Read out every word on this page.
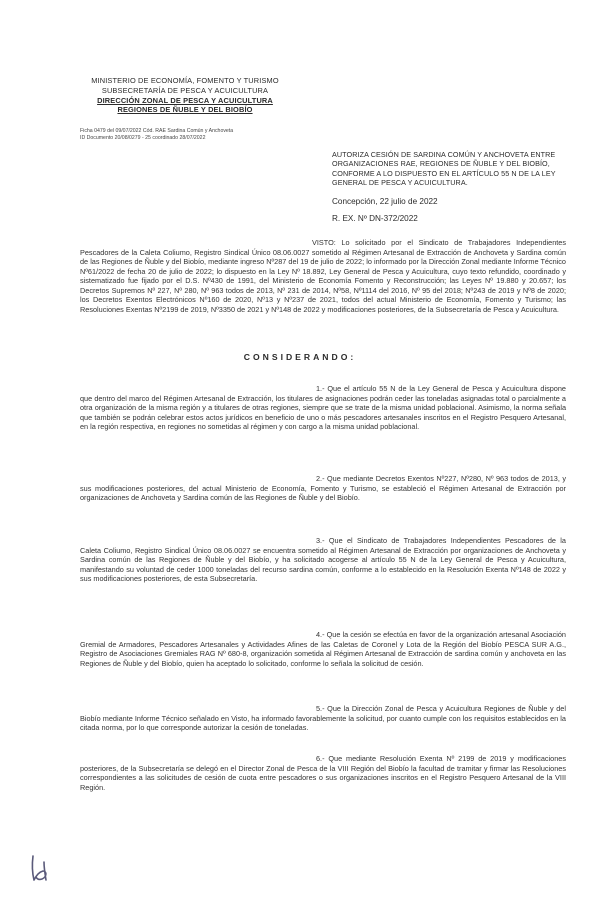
MINISTERIO DE ECONOMÍA, FOMENTO Y TURISMO
SUBSECRETARÍA DE PESCA Y ACUICULTURA
DIRECCIÓN ZONAL DE PESCA Y ACUICULTURA
REGIONES DE ÑUBLE Y DEL BIOBÍO
Ficha 0479 del 09/07/2022 Cód. RAE Sardina Común y Anchoveta
ID Documento 20/08/0279 - 25 coordinado 28/07/2022
AUTORIZA CESIÓN DE SARDINA COMÚN Y ANCHOVETA ENTRE ORGANIZACIONES RAE, REGIONES DE ÑUBLE Y DEL BIOBÍO, CONFORME A LO DISPUESTO EN EL ARTÍCULO 55 N DE LA LEY GENERAL DE PESCA Y ACUICULTURA.
Concepción, 22 julio de 2022
R. EX. Nº DN-372/2022
VISTO: Lo solicitado por el Sindicato de Trabajadores Independientes Pescadores de la Caleta Coliumo, Registro Sindical Único 08.06.0027 sometido al Régimen Artesanal de Extracción de Anchoveta y Sardina común de las Regiones de Ñuble y del Biobío, mediante ingreso Nº287 del 19 de julio de 2022; lo informado por la Dirección Zonal mediante Informe Técnico Nº61/2022 de fecha 20 de julio de 2022; lo dispuesto en la Ley Nº 18.892, Ley General de Pesca y Acuicultura, cuyo texto refundido, coordinado y sistematizado fue fijado por el D.S. Nº430 de 1991, del Ministerio de Economía Fomento y Reconstrucción; las Leyes Nº 19.880 y 20.657; los Decretos Supremos Nº 227, Nº 280, Nº 963 todos de 2013, Nº 231 de 2014, Nº58, Nº1114 del 2016, Nº 95 del 2018; Nº243 de 2019 y Nº8 de 2020; los Decretos Exentos Electrónicos Nº160 de 2020, Nº13 y Nº237 de 2021, todos del actual Ministerio de Economía, Fomento y Turismo; las Resoluciones Exentas Nº2199 de 2019, Nº3350 de 2021 y Nº148 de 2022 y modificaciones posteriores, de la Subsecretaría de Pesca y Acuicultura.
CONSIDERANDO:
1.- Que el artículo 55 N de la Ley General de Pesca y Acuicultura dispone que dentro del marco del Régimen Artesanal de Extracción, los titulares de asignaciones podrán ceder las toneladas asignadas total o parcialmente a otra organización de la misma región y a titulares de otras regiones, siempre que se trate de la misma unidad poblacional. Asimismo, la norma señala que también se podrán celebrar estos actos jurídicos en beneficio de uno o más pescadores artesanales inscritos en el Registro Pesquero Artesanal, en la región respectiva, en regiones no sometidas al régimen y con cargo a la misma unidad poblacional.
2.- Que mediante Decretos Exentos Nº227, Nº280, Nº 963 todos de 2013, y sus modificaciones posteriores, del actual Ministerio de Economía, Fomento y Turismo, se estableció el Régimen Artesanal de Extracción por organizaciones de Anchoveta y Sardina común de las Regiones de Ñuble y del Biobío.
3.- Que el Sindicato de Trabajadores Independientes Pescadores de la Caleta Coliumo, Registro Sindical Único 08.06.0027 se encuentra sometido al Régimen Artesanal de Extracción por organizaciones de Anchoveta y Sardina común de las Regiones de Ñuble y del Biobío, y ha solicitado acogerse al artículo 55 N de la Ley General de Pesca y Acuicultura, manifestando su voluntad de ceder 1000 toneladas del recurso sardina común, conforme a lo establecido en la Resolución Exenta Nº148 de 2022 y sus modificaciones posteriores, de esta Subsecretaría.
4.- Que la cesión se efectúa en favor de la organización artesanal Asociación Gremial de Armadores, Pescadores Artesanales y Actividades Afines de las Caletas de Coronel y Lota de la Región del Biobío PESCA SUR A.G., Registro de Asociaciones Gremiales RAG Nº 680-8, organización sometida al Régimen Artesanal de Extracción de sardina común y anchoveta en las Regiones de Ñuble y del Biobío, quien ha aceptado lo solicitado, conforme lo señala la solicitud de cesión.
5.- Que la Dirección Zonal de Pesca y Acuicultura Regiones de Ñuble y del Biobío mediante Informe Técnico señalado en Visto, ha informado favorablemente la solicitud, por cuanto cumple con los requisitos establecidos en la citada norma, por lo que corresponde autorizar la cesión de toneladas.
6.- Que mediante Resolución Exenta Nº 2199 de 2019 y modificaciones posteriores, de la Subsecretaría se delegó en el Director Zonal de Pesca de la VIII Región del Biobío la facultad de tramitar y firmar las Resoluciones correspondientes a las solicitudes de cesión de cuota entre pescadores o sus organizaciones inscritos en el Registro Pesquero Artesanal de la VIII Región.
